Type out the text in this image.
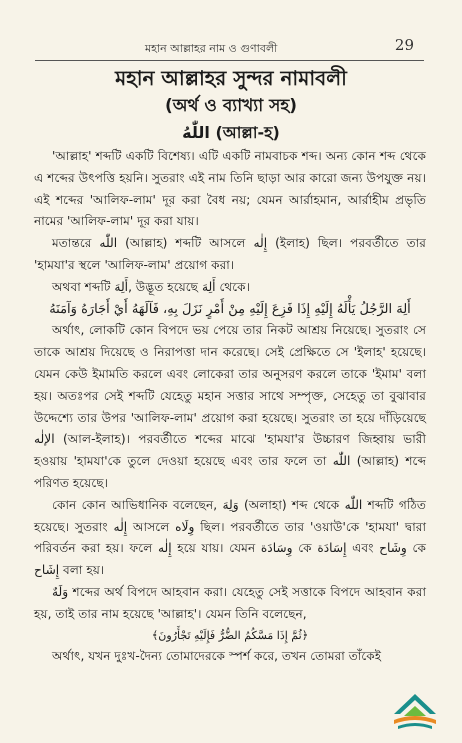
মহান আল্লাহর নাম ও গুণাবলী	29
মহান আল্লাহর সুন্দর নামাবলী
(অর্থ ও ব্যাখ্যা সহ)
اللّٰهُ (আল্লা-হ)

'আল্লাহ' শব্দটি একটি বিশেষ্য। এটি একটি নামবাচক শব্দ। অন্য কোন শব্দ থেকে এ শব্দের উৎপত্তি হয়নি। সুতরাং এই নাম তিনি ছাড়া আর কারো জন্য উপযুক্ত নয়। এই শব্দের 'আলিফ-লাম' দূর করা বৈধ নয়; যেমন আর্রাহমান, আর্রাহীম প্রভৃতি নামের 'আলিফ-লাম' দূর করা যায়।

মতান্তরে اللّٰه (আল্লাহ) শব্দটি আসলে إِلٰه (ইলাহ) ছিল। পরবর্তীতে তার 'হামযা'র স্থলে 'আলিফ-লাম' প্রয়োগ করা।

অথবা শব্দটি أَلِهَ, উদ্ভূত হয়েছে أَلِهَ থেকে।

أَلِهَ الرَّجُلُ يَأْلَهُ إِلَيْهِ إِذَا فَزِعَ إِلَيْهِ مِنْ أَمْرٍ نَزَلَ بِهِ، فَآلَهَهُ أَيْ أَجَارَهُ وَآمَنَهُ

অর্থাৎ, লোকটি কোন বিপদে ভয় পেয়ে তার নিকট আশ্রয় নিয়েছে। সুতরাং সে তাকে আশ্রয় দিয়েছে ও নিরাপত্তা দান করেছে। সেই প্রেক্ষিতে সে 'ইলাহ' হয়েছে। যেমন কেউ ইমামতি করলে এবং লোকেরা তার অনুসরণ করলে তাকে 'ইমাম' বলা হয়। অতঃপর সেই শব্দটি যেহেতু মহান সত্তার সাথে সম্পৃক্ত, সেহেতু তা বুঝাবার উদ্দেশ্যে তার উপর 'আলিফ-লাম' প্রয়োগ করা হয়েছে। সুতরাং তা হয়ে দাঁড়িয়েছে الإلٰه (আল-ইলাহ)। পরবর্তীতে শব্দের মাঝে 'হামযা'র উচ্চারণ জিহ্বায় ভারী হওয়ায় 'হামযা'কে তুলে দেওয়া হয়েছে এবং তার ফলে তা اللّٰه (আল্লাহ) শব্দে পরিণত হয়েছে।

কোন কোন আভিধানিক বলেছেন, وَلِهَ (অলাহা) শব্দ থেকে اللّٰه শব্দটি গঠিত হয়েছে। সুতরাং إِلٰه আসলে وِلَاه ছিল। পরবর্তীতে তার 'ওয়াউ'কে 'হামযা' দ্বারা পরিবর্তন করা হয়। ফলে إِلٰه হয়ে যায়। যেমন وِسَادَة কে إِسَادَة এবং وِشَاح কে إِشَاح বলা হয়।

وَلَهٌ শব্দের অর্থ বিপদে আহবান করা। যেহেতু সেই সত্তাকে বিপদে আহবান করা হয়, তাই তার নাম হয়েছে 'আল্লাহ'। যেমন তিনি বলেছেন,

﴿ثُمَّ إِذَا مَسَّكُمُ الضُّرُّ فَإِلَيْهِ تَجْأَرُونَ﴾

অর্থাৎ, যখন দুঃখ-দৈন্য তোমাদেরকে স্পর্শ করে, তখন তোমরা তাঁকেই
